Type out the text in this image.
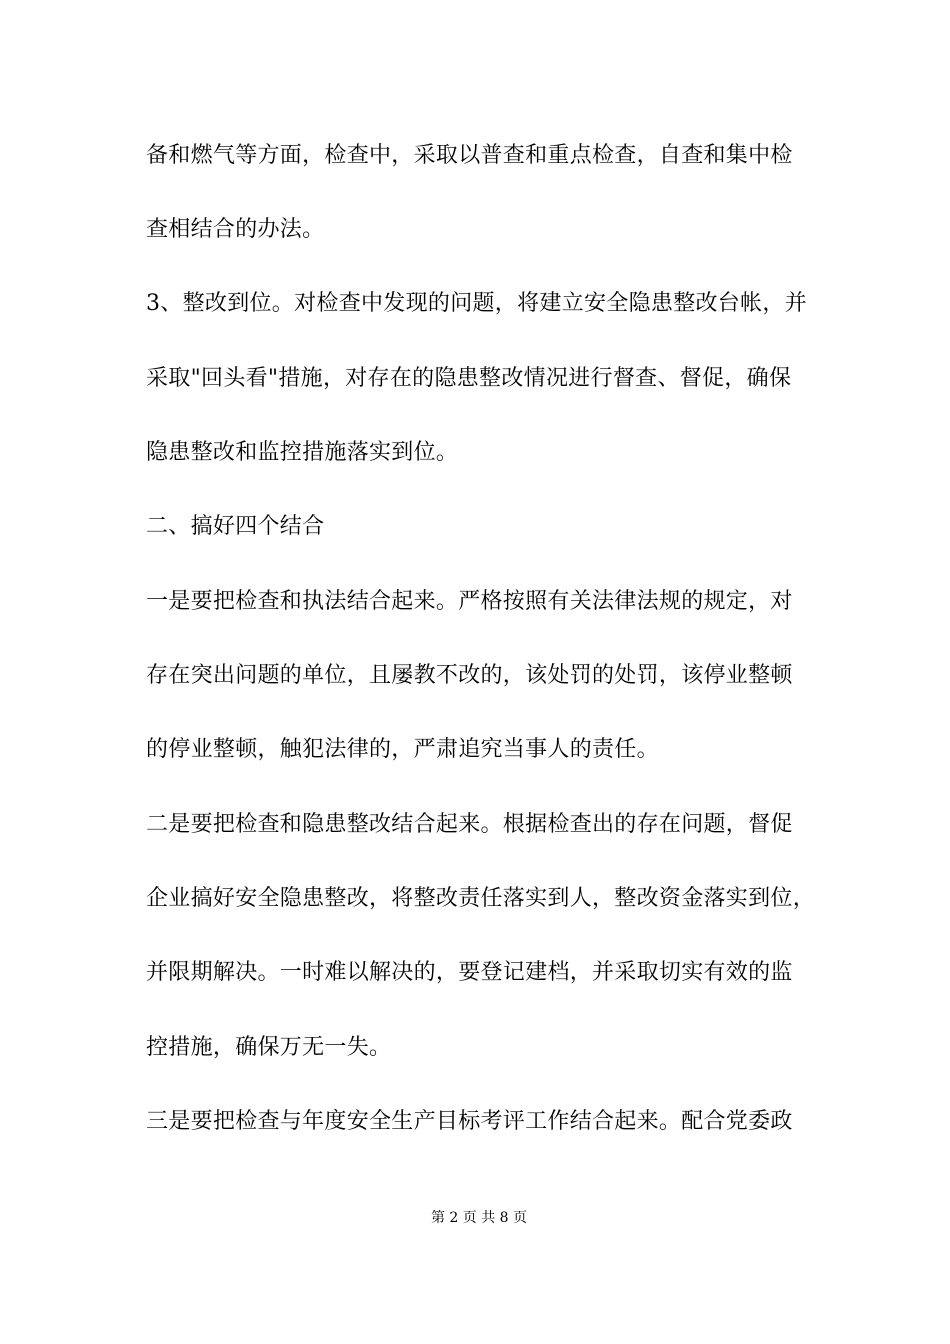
备和燃气等方面，检查中，采取以普查和重点检查，自查和集中检
查相结合的办法。
3、整改到位。对检查中发现的问题，将建立安全隐患整改台帐，并
采取"回头看"措施，对存在的隐患整改情况进行督查、督促，确保
隐患整改和监控措施落实到位。
二、搞好四个结合
一是要把检查和执法结合起来。严格按照有关法律法规的规定，对
存在突出问题的单位，且屡教不改的，该处罚的处罚，该停业整顿
的停业整顿，触犯法律的，严肃追究当事人的责任。
二是要把检查和隐患整改结合起来。根据检查出的存在问题，督促
企业搞好安全隐患整改，将整改责任落实到人，整改资金落实到位，
并限期解决。一时难以解决的，要登记建档，并采取切实有效的监
控措施，确保万无一失。
三是要把检查与年度安全生产目标考评工作结合起来。配合党委政
第 2 页 共 8 页
